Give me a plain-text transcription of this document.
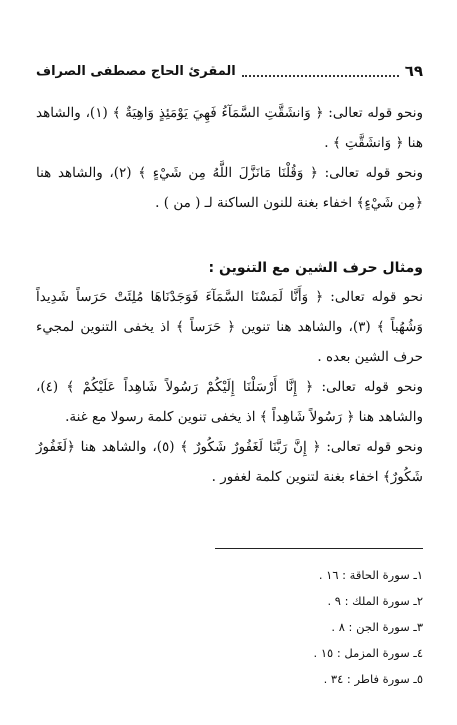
المقرئ الحاج مصطفى الصراف	٦٩

ونحو قوله تعالى: ﴿ وَانشَقَّتِ السَّمَآءُ فَهِيَ يَوْمَئِذٍ وَاهِيَةٌ ﴾ (١)، والشاهد هنا ﴿ وَانشَقَّتِ ﴾ .

ونحو قوله تعالى: ﴿ وَقُلْنَا مَانَزَّلَ اللَّهُ مِن شَيْءٍ ﴾ (٢)، والشاهد هنا ﴿مِن شَيْءٍ﴾ اخفاء بغنة للنون الساكنة لـ ( من ) .

ومثال حرف الشين مع التنوين :

نحو قوله تعالى: ﴿ وَأَنَّا لَمَسْنَا السَّمَآءَ فَوَجَدْنَاهَا مُلِئَتْ حَرَساً شَدِيداً وَشُهُباً ﴾ (٣)، والشاهد هنا تنوين ﴿ حَرَساً ﴾ اذ يخفى التنوين لمجيء حرف الشين بعده .

ونحو قوله تعالى: ﴿ إِنَّا أَرْسَلْنَا إِلَيْكُمْ رَسُولاً شَاهِداً عَلَيْكُمْ ﴾ (٤)، والشاهد هنا ﴿ رَسُولاً شَاهِداً ﴾ اذ يخفى تنوين كلمة رسولا مع غنة.

ونحو قوله تعالى: ﴿ إِنَّ رَبَّنَا لَغَفُورٌ شَكُورٌ ﴾ (٥)، والشاهد هنا ﴿لَغَفُورٌ شَكُورٌ﴾ اخفاء بغنة لتنوين كلمة لغفور .

١ـ سورة الحاقة : ١٦ .

٢ـ سورة الملك : ٩ .

٣ـ سورة الجن : ٨ .

٤ـ سورة المزمل : ١٥ .

٥ـ سورة فاطر : ٣٤ .
